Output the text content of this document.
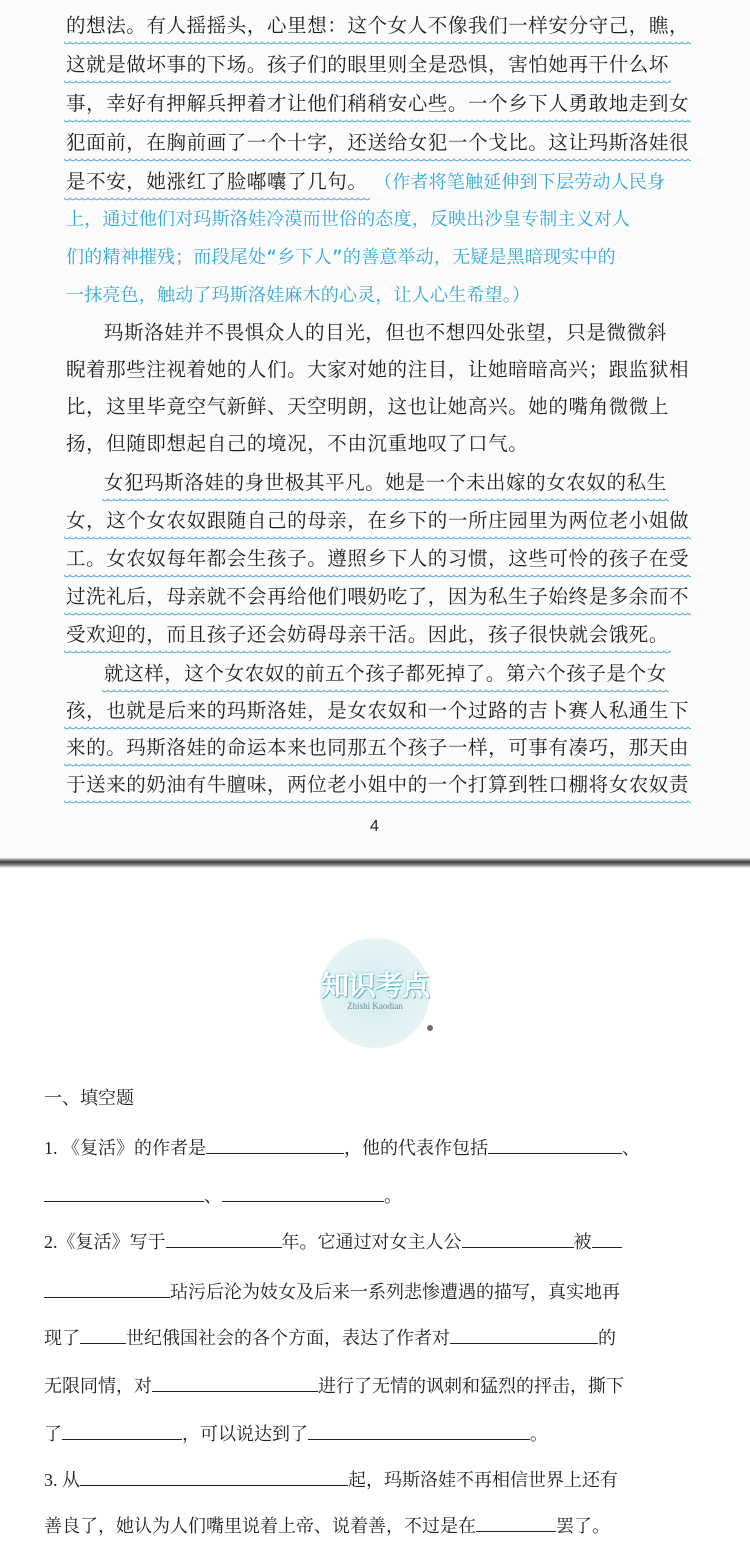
的想法。有人摇摇头，心里想：这个女人不像我们一样安分守己，瞧，
这就是做坏事的下场。孩子们的眼里则全是恐惧，害怕她再干什么坏
事，幸好有押解兵押着才让他们稍稍安心些。一个乡下人勇敢地走到女
犯面前，在胸前画了一个十字，还送给女犯一个戈比。这让玛斯洛娃很
是不安，她涨红了脸嘟囔了几句。 （作者将笔触延伸到下层劳动人民身
上，通过他们对玛斯洛娃冷漠而世俗的态度，反映出沙皇专制主义对人
们的精神摧残；而段尾处“乡下人”的善意举动，无疑是黑暗现实中的
一抹亮色，触动了玛斯洛娃麻木的心灵，让人心生希望。）
玛斯洛娃并不畏惧众人的目光，但也不想四处张望，只是微微斜
睨着那些注视着她的人们。大家对她的注目，让她暗暗高兴；跟监狱相
比，这里毕竟空气新鲜、天空明朗，这也让她高兴。她的嘴角微微上
扬，但随即想起自己的境况，不由沉重地叹了口气。
女犯玛斯洛娃的身世极其平凡。她是一个未出嫁的女农奴的私生
女，这个女农奴跟随自己的母亲，在乡下的一所庄园里为两位老小姐做
工。女农奴每年都会生孩子。遵照乡下人的习惯，这些可怜的孩子在受
过洗礼后，母亲就不会再给他们喂奶吃了，因为私生子始终是多余而不
受欢迎的，而且孩子还会妨碍母亲干活。因此，孩子很快就会饿死。
就这样，这个女农奴的前五个孩子都死掉了。第六个孩子是个女
孩，也就是后来的玛斯洛娃，是女农奴和一个过路的吉卜赛人私通生下
来的。玛斯洛娃的命运本来也同那五个孩子一样，可事有凑巧，那天由
于送来的奶油有牛膻味，两位老小姐中的一个打算到牲口棚将女农奴责
4
知识考点
Zhishi Kaodian
一、填空题
1. 《复活》的作者是	，他的代表作包括	、
、	。
2.《复活》写于	年。它通过对女主人公	被
玷污后沦为妓女及后来一系列悲惨遭遇的描写，真实地再
现了	世纪俄国社会的各个方面，表达了作者对	的
无限同情，对	进行了无情的讽刺和猛烈的抨击，撕下
了	，可以说达到了	。
3. 从	起，玛斯洛娃不再相信世界上还有
善良了，她认为人们嘴里说着上帝、说着善，不过是在	罢了。
